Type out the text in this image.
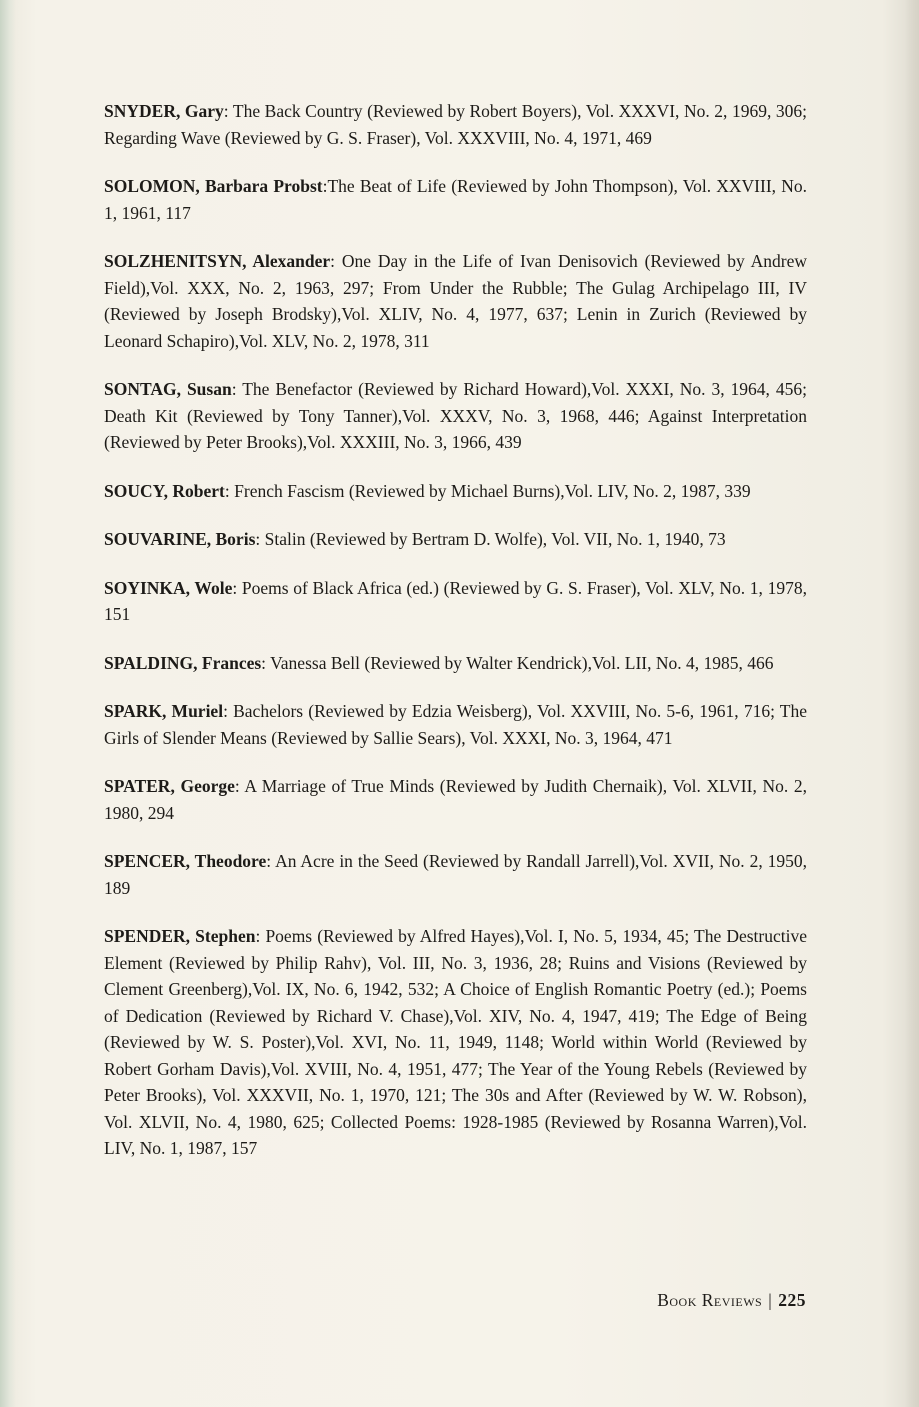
SNYDER, Gary: The Back Country (Reviewed by Robert Boyers), Vol. XXXVI, No. 2, 1969, 306; Regarding Wave (Reviewed by G. S. Fraser), Vol. XXXVIII, No. 4, 1971, 469

SOLOMON, Barbara Probst:The Beat of Life (Reviewed by John Thompson), Vol. XXVIII, No. 1, 1961, 117

SOLZHENITSYN, Alexander: One Day in the Life of Ivan Denisovich (Reviewed by Andrew Field),Vol. XXX, No. 2, 1963, 297; From Under the Rubble; The Gulag Archipelago III, IV (Reviewed by Joseph Brodsky),Vol. XLIV, No. 4, 1977, 637; Lenin in Zurich (Reviewed by Leonard Schapiro),Vol. XLV, No. 2, 1978, 311

SONTAG, Susan: The Benefactor (Reviewed by Richard Howard),Vol. XXXI, No. 3, 1964, 456; Death Kit (Reviewed by Tony Tanner),Vol. XXXV, No. 3, 1968, 446; Against Interpretation (Reviewed by Peter Brooks),Vol. XXXIII, No. 3, 1966, 439

SOUCY, Robert: French Fascism (Reviewed by Michael Burns),Vol. LIV, No. 2, 1987, 339

SOUVARINE, Boris: Stalin (Reviewed by Bertram D. Wolfe), Vol. VII, No. 1, 1940, 73

SOYINKA, Wole: Poems of Black Africa (ed.) (Reviewed by G. S. Fraser), Vol. XLV, No. 1, 1978, 151

SPALDING, Frances: Vanessa Bell (Reviewed by Walter Kendrick),Vol. LII, No. 4, 1985, 466

SPARK, Muriel: Bachelors (Reviewed by Edzia Weisberg), Vol. XXVIII, No. 5-6, 1961, 716; The Girls of Slender Means (Reviewed by Sallie Sears), Vol. XXXI, No. 3, 1964, 471

SPATER, George: A Marriage of True Minds (Reviewed by Judith Chernaik), Vol. XLVII, No. 2, 1980, 294

SPENCER, Theodore: An Acre in the Seed (Reviewed by Randall Jarrell),Vol. XVII, No. 2, 1950, 189

SPENDER, Stephen: Poems (Reviewed by Alfred Hayes),Vol. I, No. 5, 1934, 45; The Destructive Element (Reviewed by Philip Rahv), Vol. III, No. 3, 1936, 28; Ruins and Visions (Reviewed by Clement Greenberg),Vol. IX, No. 6, 1942, 532; A Choice of English Romantic Poetry (ed.); Poems of Dedication (Reviewed by Richard V. Chase),Vol. XIV, No. 4, 1947, 419; The Edge of Being (Reviewed by W. S. Poster),Vol. XVI, No. 11, 1949, 1148; World within World (Reviewed by Robert Gorham Davis),Vol. XVIII, No. 4, 1951, 477; The Year of the Young Rebels (Reviewed by Peter Brooks), Vol. XXXVII, No. 1, 1970, 121; The 30s and After (Reviewed by W. W. Robson), Vol. XLVII, No. 4, 1980, 625; Collected Poems: 1928-1985 (Reviewed by Rosanna Warren),Vol. LIV, No. 1, 1987, 157

Book Reviews | 225
